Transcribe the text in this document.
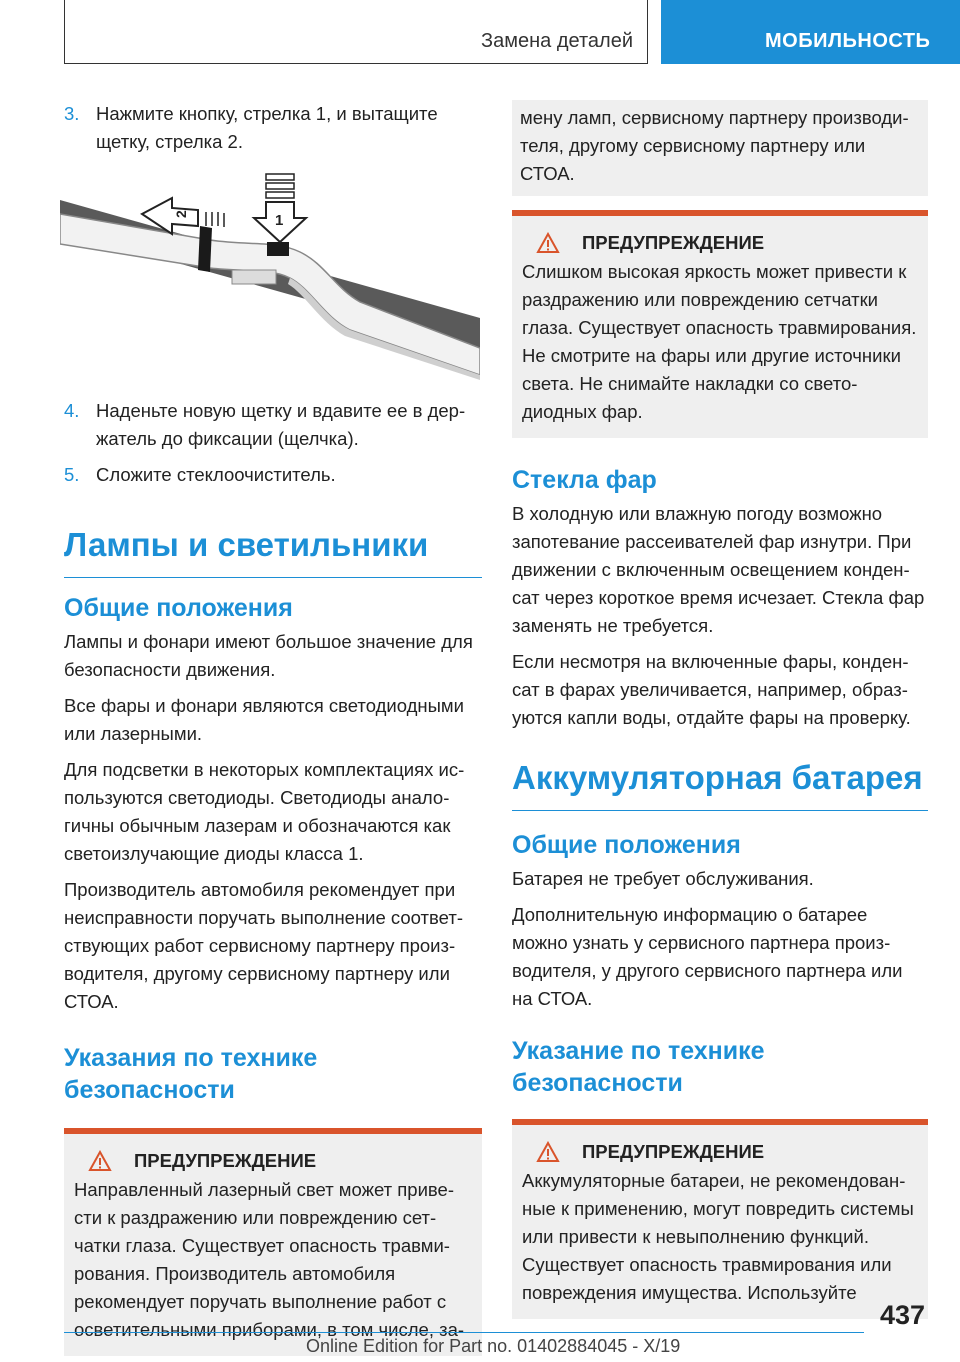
Замена деталей	МОБИЛЬНОСТЬ
3. Нажмите кнопку, стрелка 1, и вытащите щетку, стрелка 2.
2	1
4. Наденьте новую щетку и вдавите ее в держатель до фиксации (щелчка).
5. Сложите стеклоочиститель.
Лампы и светильники
Общие положения

Лампы и фонари имеют большое значение для безопасности движения.

Все фары и фонари являются светодиодными или лазерными.

Для подсветки в некоторых комплектациях используются светодиоды. Светодиоды аналогичны обычным лазерам и обозначаются как светоизлучающие диоды класса 1.

Производитель автомобиля рекомендует при неисправности поручать выполнение соответствующих работ сервисному партнеру производителя, другому сервисному партнеру или СТОА.

Указания по технике безопасности
ПРЕДУПРЕЖДЕНИЕ

Направленный лазерный свет может привести к раздражению или повреждению сетчатки глаза. Существует опасность травмирования. Производитель автомобиля рекомендует поручать выполнение работ с осветительными приборами, в том числе, за-

мену ламп, сервисному партнеру производителя, другому сервисному партнеру или СТОА.

ПРЕДУПРЕЖДЕНИЕ

Слишком высокая яркость может привести к раздражению или повреждению сетчатки глаза. Существует опасность травмирования. Не смотрите на фары или другие источники света. Не снимайте накладки со светодиодных фар.

Стекла фар

В холодную или влажную погоду возможно запотевание рассеивателей фар изнутри. При движении с включенным освещением конденсат через короткое время исчезает. Стекла фар заменять не требуется.

Если несмотря на включенные фары, конденсат в фарах увеличивается, например, образуются капли воды, отдайте фары на проверку.

Аккумуляторная батарея
Общие положения

Батарея не требует обслуживания.

Дополнительную информацию о батарее можно узнать у сервисного партнера производителя, у другого сервисного партнера или на СТОА.

Указание по технике безопасности
ПРЕДУПРЕЖДЕНИЕ

Аккумуляторные батареи, не рекомендованные к применению, могут повредить системы или привести к невыполнению функций. Существует опасность травмирования или повреждения имущества. Используйте

437
Online Edition for Part no. 01402884045 - X/19
